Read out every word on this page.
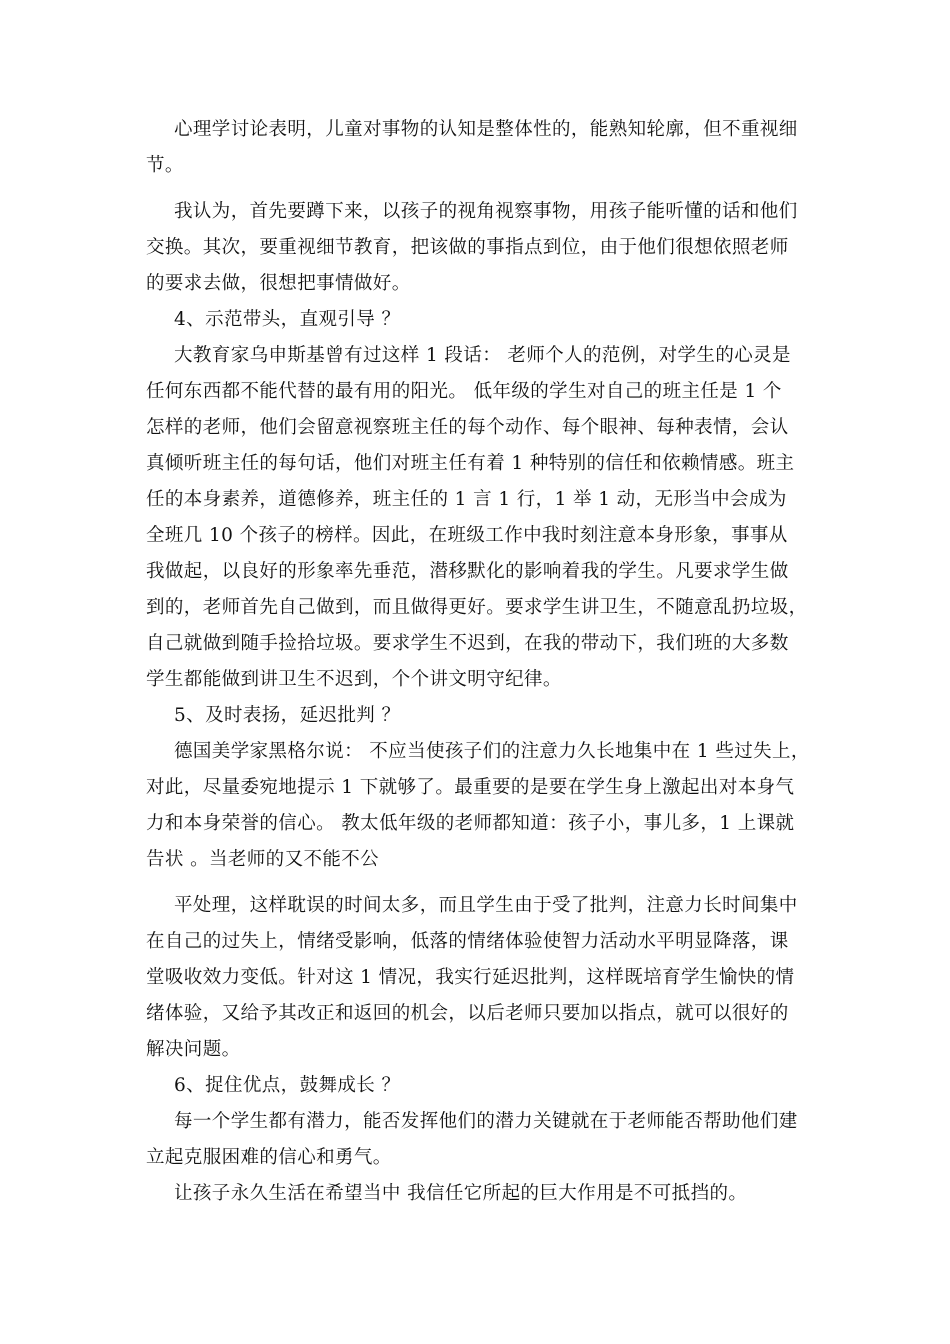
心理学讨论表明，儿童对事物的认知是整体性的，能熟知轮廓，但不重视细
节。
我认为，首先要蹲下来，以孩子的视角视察事物，用孩子能听懂的话和他们
交换。其次，要重视细节教育，把该做的事指点到位，由于他们很想依照老师
的要求去做，很想把事情做好。
4、示范带头，直观引导 ？
大教育家乌申斯基曾有过这样 1 段话： 老师个人的范例，对学生的心灵是
任何东西都不能代替的最有用的阳光。 低年级的学生对自己的班主任是 1 个
怎样的老师，他们会留意视察班主任的每个动作、每个眼神、每种表情，会认
真倾听班主任的每句话，他们对班主任有着 1 种特别的信任和依赖情感。班主
任的本身素养，道德修养，班主任的 1 言 1 行，1 举 1 动，无形当中会成为
全班几 10 个孩子的榜样。因此，在班级工作中我时刻注意本身形象，事事从
我做起，以良好的形象率先垂范，潜移默化的影响着我的学生。凡要求学生做
到的，老师首先自己做到，而且做得更好。要求学生讲卫生，不随意乱扔垃圾，
自己就做到随手捡拾垃圾。要求学生不迟到，在我的带动下，我们班的大多数
学生都能做到讲卫生不迟到，个个讲文明守纪律。
5、及时表扬，延迟批判 ？
德国美学家黑格尔说： 不应当使孩子们的注意力久长地集中在 1 些过失上，
对此，尽量委宛地提示 1 下就够了。最重要的是要在学生身上激起出对本身气
力和本身荣誉的信心。 教太低年级的老师都知道：孩子小，事儿多，1 上课就
告状 。当老师的又不能不公
平处理，这样耽误的时间太多，而且学生由于受了批判，注意力长时间集中
在自己的过失上，情绪受影响，低落的情绪体验使智力活动水平明显降落，课
堂吸收效力变低。针对这 1 情况，我实行延迟批判，这样既培育学生愉快的情
绪体验，又给予其改正和返回的机会，以后老师只要加以指点，就可以很好的
解决问题。
6、捉住优点，鼓舞成长 ？
每一个学生都有潜力，能否发挥他们的潜力关键就在于老师能否帮助他们建
立起克服困难的信心和勇气。
让孩子永久生活在希望当中 我信任它所起的巨大作用是不可抵挡的。
